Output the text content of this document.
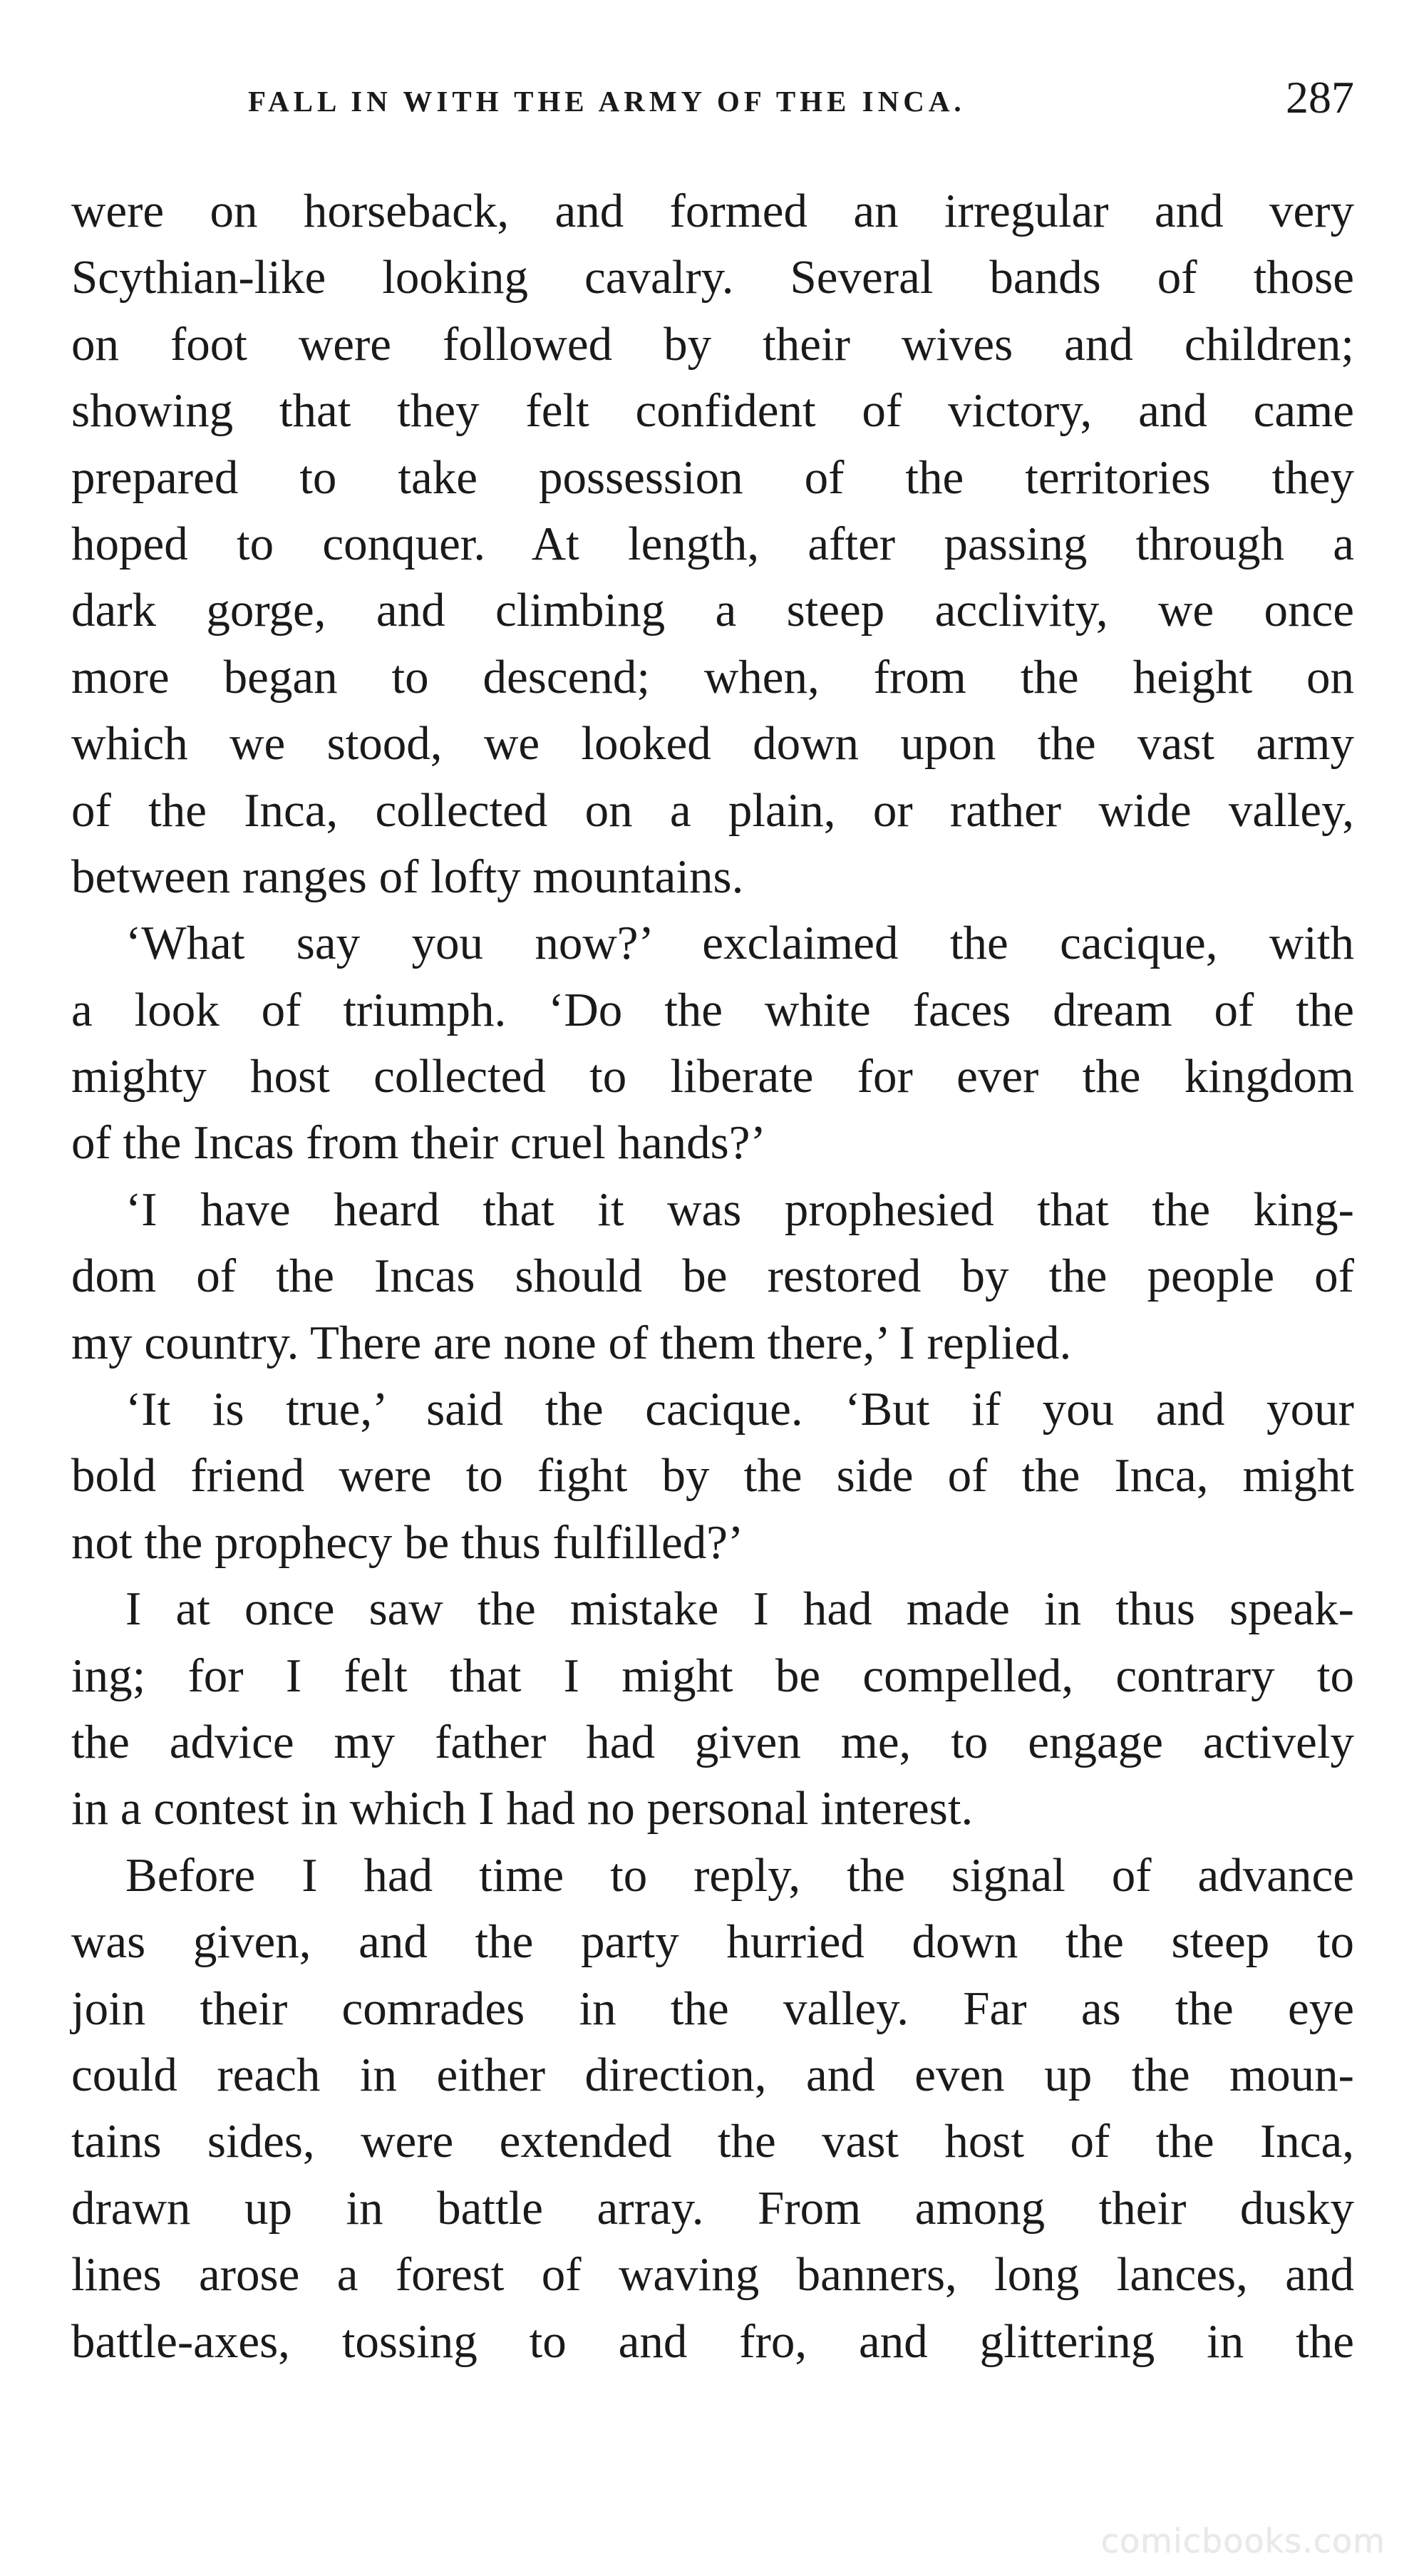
FALL IN WITH THE ARMY OF THE INCA.	287
were on horseback, and formed an irregular and very
Scythian-like looking cavalry. Several bands of those
on foot were followed by their wives and children;
showing that they felt confident of victory, and came
prepared to take possession of the territories they
hoped to conquer. At length, after passing through a
dark gorge, and climbing a steep acclivity, we once
more began to descend; when, from the height on
which we stood, we looked down upon the vast army
of the Inca, collected on a plain, or rather wide valley,
between ranges of lofty mountains.
‘What say you now?’ exclaimed the cacique, with
a look of triumph. ‘Do the white faces dream of the
mighty host collected to liberate for ever the kingdom
of the Incas from their cruel hands?’
‘I have heard that it was prophesied that the king-
dom of the Incas should be restored by the people of
my country. There are none of them there,’ I replied.
‘It is true,’ said the cacique. ‘But if you and your
bold friend were to fight by the side of the Inca, might
not the prophecy be thus fulfilled?’
I at once saw the mistake I had made in thus speak-
ing; for I felt that I might be compelled, contrary to
the advice my father had given me, to engage actively
in a contest in which I had no personal interest.
Before I had time to reply, the signal of advance
was given, and the party hurried down the steep to
join their comrades in the valley. Far as the eye
could reach in either direction, and even up the moun-
tains sides, were extended the vast host of the Inca,
drawn up in battle array. From among their dusky
lines arose a forest of waving banners, long lances, and
battle-axes, tossing to and fro, and glittering in the
comicbooks.com
